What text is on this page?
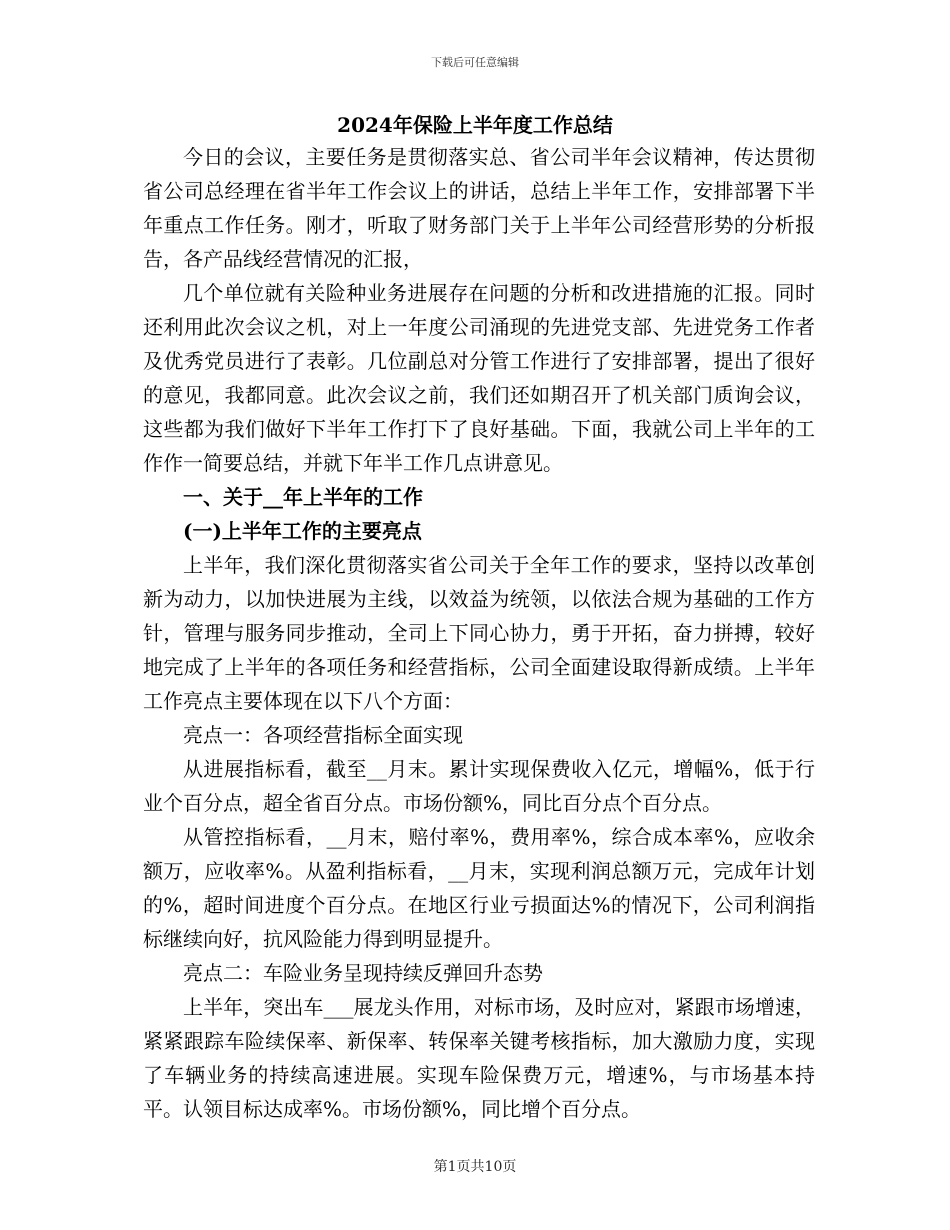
下载后可任意编辑
2024年保险上半年度工作总结

今日的会议，主要任务是贯彻落实总、省公司半年会议精神，传达贯彻省公司总经理在省半年工作会议上的讲话，总结上半年工作，安排部署下半年重点工作任务。刚才，听取了财务部门关于上半年公司经营形势的分析报告，各产品线经营情况的汇报，

几个单位就有关险种业务进展存在问题的分析和改进措施的汇报。同时还利用此次会议之机，对上一年度公司涌现的先进党支部、先进党务工作者及优秀党员进行了表彰。几位副总对分管工作进行了安排部署，提出了很好的意见，我都同意。此次会议之前，我们还如期召开了机关部门质询会议，这些都为我们做好下半年工作打下了良好基础。下面，我就公司上半年的工作作一简要总结，并就下年半工作几点讲意见。

一、关于__年上半年的工作

(一)上半年工作的主要亮点

上半年，我们深化贯彻落实省公司关于全年工作的要求，坚持以改革创新为动力，以加快进展为主线，以效益为统领，以依法合规为基础的工作方针，管理与服务同步推动，全司上下同心协力，勇于开拓，奋力拼搏，较好地完成了上半年的各项任务和经营指标，公司全面建设取得新成绩。上半年工作亮点主要体现在以下八个方面：

亮点一：各项经营指标全面实现

从进展指标看，截至__月末。累计实现保费收入亿元，增幅%，低于行业个百分点，超全省百分点。市场份额%，同比百分点个百分点。

从管控指标看，__月末，赔付率%，费用率%，综合成本率%，应收余额万，应收率%。从盈利指标看，__月末，实现利润总额万元，完成年计划的%，超时间进度个百分点。在地区行业亏损面达%的情况下，公司利润指标继续向好，抗风险能力得到明显提升。

亮点二：车险业务呈现持续反弹回升态势

上半年，突出车___展龙头作用，对标市场，及时应对，紧跟市场增速，紧紧跟踪车险续保率、新保率、转保率关键考核指标，加大激励力度，实现了车辆业务的持续高速进展。实现车险保费万元，增速%，与市场基本持平。认领目标达成率%。市场份额%，同比增个百分点。

第1页共10页
